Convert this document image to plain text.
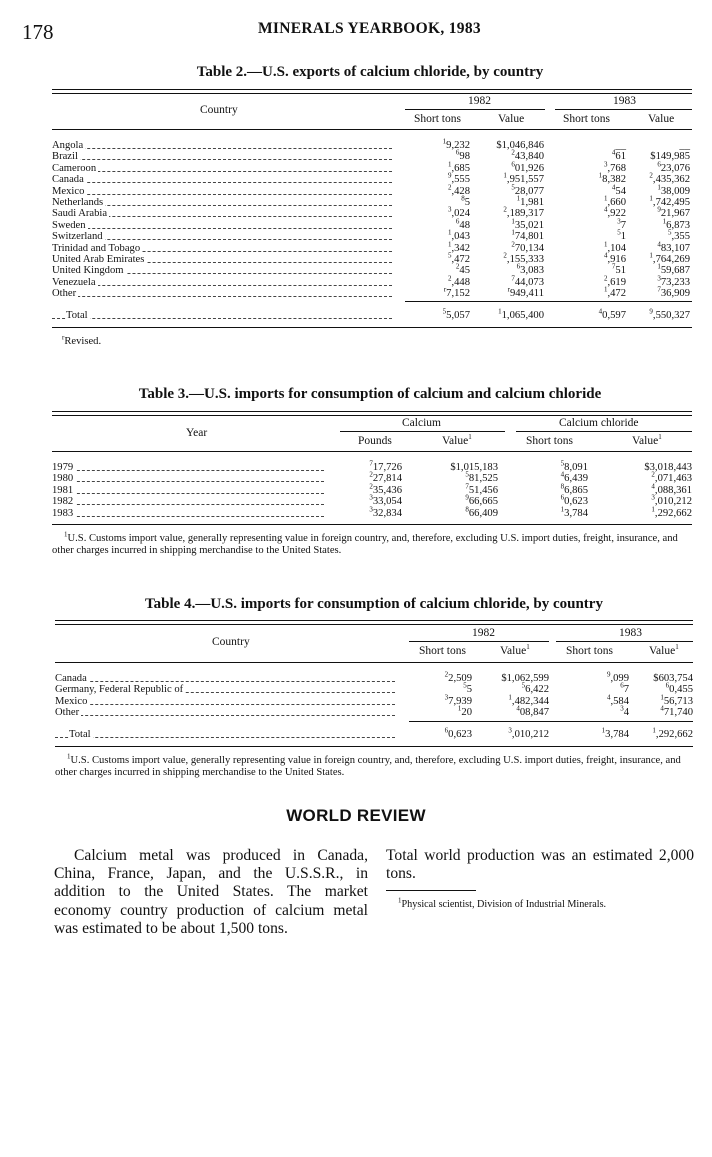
178	MINERALS YEARBOOK, 1983
Table 2.—U.S. exports of calcium chloride, by country
Country
1982	1983
Short tons	Value	Short tons	Value
Angola	$^1$9,232	$1,046,846	__	__
Brazil	$^6$98	$^2$43,840	$^4$61	$149,985
Cameroon	$^1$,685	$^6$01,926	$^3$,768	$^6$23,076
Canada	$^9$,555	$^1$,951,557	$^1$8,382	$^2$,435,362
Mexico	$^2$,428	$^5$28,077	$^4$54	$^1$38,009
Netherlands	$^8$5	$^1$1,981	$^1$,660	$^1$,742,495
Saudi Arabia	$^3$,024	$^2$,189,317	$^4$,922	$^9$21,967
Sweden	$^6$48	$^1$35,021	$^3$7	$^1$6,873
Switzerland	$^1$,043	$^1$74,801	$^5$1	$^5$,355
Trinidad and Tobago	$^1$,342	$^2$70,134	$^1$,104	$^4$83,107
United Arab Emirates	$^5$,472	$^2$,155,333	$^4$,916	$^1$,764,269
United Kingdom	$^2$45	$^6$3,083	$^7$51	$^1$59,687
Venezuela	$^2$,448	$^7$44,073	$^2$,619	$^3$73,233
Other	$^r$7,152	$^r$949,411	$^1$,472	$^7$36,909
Total	$^5$5,057	$^1$1,065,400	$^4$0,597	$^9$,550,327
$^r$Revised.
Table 3.—U.S. imports for consumption of calcium and calcium chloride
Year
Calcium	Calcium chloride
Pounds	Value$^1$	Short tons	Value$^1$
1979	$^7$17,726	$1,015,183	$^5$8,091	$3,018,443
1980	$^2$27,814	$^5$81,525	$^4$6,439	$^2$,071,463
1981	$^2$35,436	$^7$51,456	$^8$6,865	$^4$,088,361
1982	$^3$33,054	$^9$66,665	$^6$0,623	$^3$,010,212
1983	$^3$32,834	$^8$66,409	$^1$3,784	$^1$,292,662
$^1$U.S. Customs import value, generally representing value in foreign country, and, therefore, excluding U.S. import duties, freight, insurance, and other charges incurred in shipping merchandise to the United States.
Table 4.—U.S. imports for consumption of calcium chloride, by country
Country
1982	1983
Short tons	Value$^1$	Short tons	Value$^1$
Canada	$^2$2,509	$1,062,599	$^9$,099	$603,754
Germany, Federal Republic of	$^5$5	$^5$6,422	$^6$7	$^6$0,455
Mexico	$^3$7,939	$^1$,482,344	$^4$,584	$^1$56,713
Other	$^1$20	$^4$08,847	$^3$4	$^4$71,740
Total	$^6$0,623	$^3$,010,212	$^1$3,784	$^1$,292,662
$^1$U.S. Customs import value, generally representing value in foreign country, and, therefore, excluding U.S. import duties, freight, insurance, and other charges incurred in shipping merchandise to the United States.
WORLD REVIEW

Calcium metal was produced in Canada, China, France, Japan, and the U.S.S.R., in addition to the United States. The market economy country production of calcium metal was estimated to be about 1,500 tons.

Total world production was an estimated 2,000 tons.

$^1$Physical scientist, Division of Industrial Minerals.
